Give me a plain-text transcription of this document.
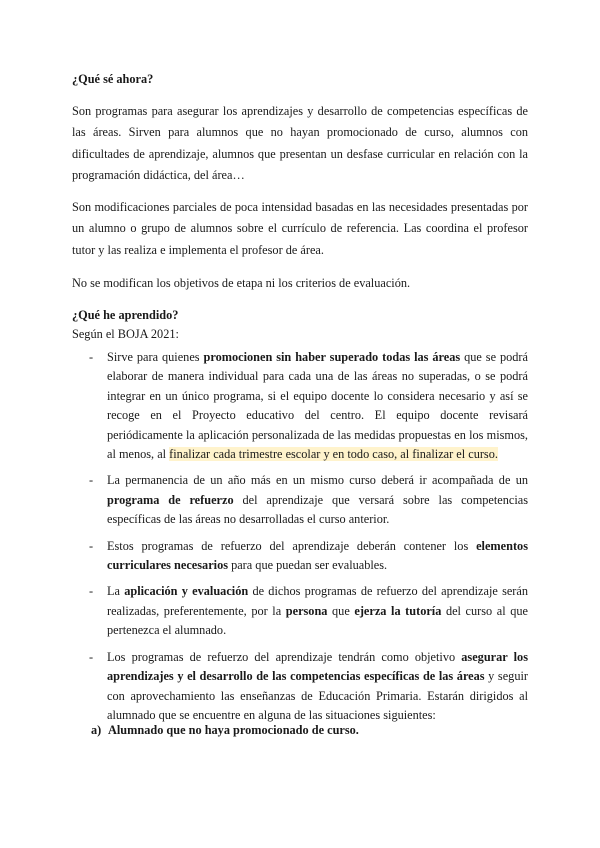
¿Qué sé ahora?

Son programas para asegurar los aprendizajes y desarrollo de competencias específicas de las áreas. Sirven para alumnos que no hayan promocionado de curso, alumnos con dificultades de aprendizaje, alumnos que presentan un desfase curricular en relación con la programación didáctica, del área…

Son modificaciones parciales de poca intensidad basadas en las necesidades presentadas por un alumno o grupo de alumnos sobre el currículo de referencia. Las coordina el profesor tutor y las realiza e implementa el profesor de área.

No se modifican los objetivos de etapa ni los criterios de evaluación.

¿Qué he aprendido?
Según el BOJA 2021:
- Sirve para quienes promocionen sin haber superado todas las áreas que se podrá elaborar de manera individual para cada una de las áreas no superadas, o se podrá integrar en un único programa, si el equipo docente lo considera necesario y así se recoge en el Proyecto educativo del centro. El equipo docente revisará periódicamente la aplicación personalizada de las medidas propuestas en los mismos, al menos, al finalizar cada trimestre escolar y en todo caso, al finalizar el curso.
- La permanencia de un año más en un mismo curso deberá ir acompañada de un programa de refuerzo del aprendizaje que versará sobre las competencias específicas de las áreas no desarrolladas el curso anterior.
- Estos programas de refuerzo del aprendizaje deberán contener los elementos curriculares necesarios para que puedan ser evaluables.
- La aplicación y evaluación de dichos programas de refuerzo del aprendizaje serán realizadas, preferentemente, por la persona que ejerza la tutoría del curso al que pertenezca el alumnado.
- Los programas de refuerzo del aprendizaje tendrán como objetivo asegurar los aprendizajes y el desarrollo de las competencias específicas de las áreas y seguir con aprovechamiento las enseñanzas de Educación Primaria. Estarán dirigidos al alumnado que se encuentre en alguna de las situaciones siguientes:
a) Alumnado que no haya promocionado de curso.
